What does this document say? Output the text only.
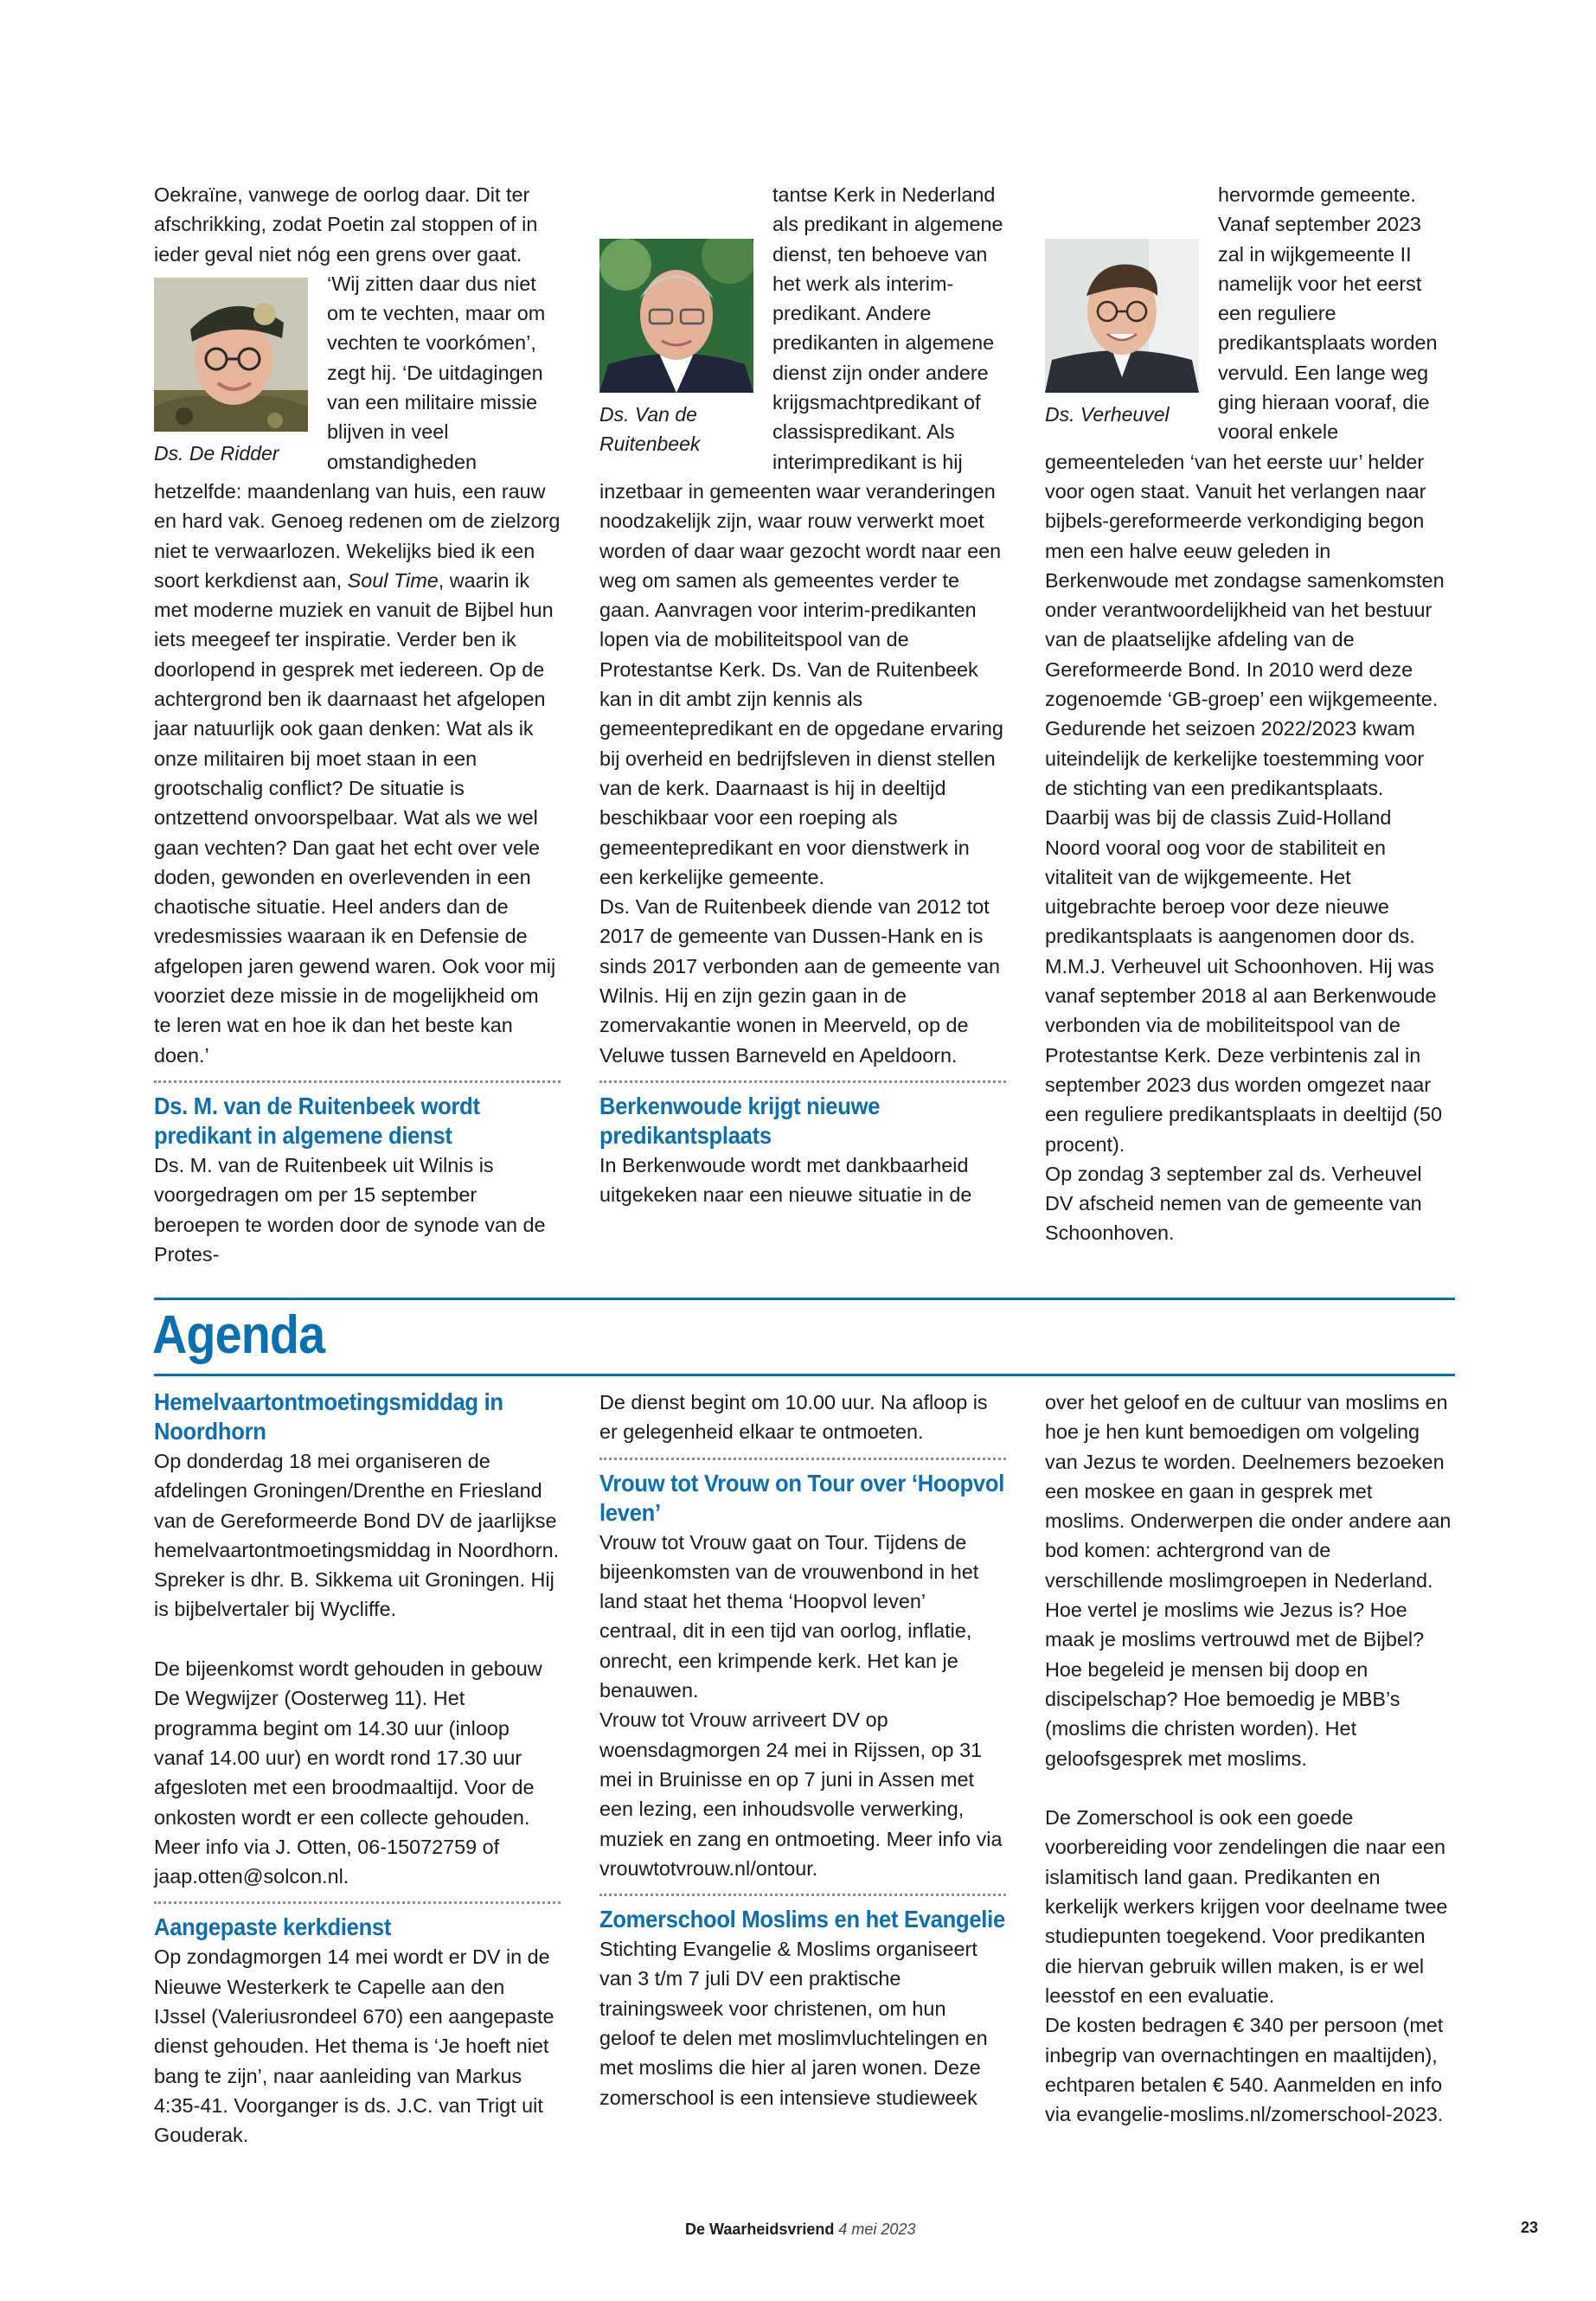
Oekraïne, vanwege de oorlog daar. Dit ter afschrikking, zodat Poetin zal stoppen of in ieder geval niet nóg een grens over gaat.

Ds. De Ridder

‘Wij zitten daar dus niet om te vechten, maar om vechten te voorkómen’, zegt hij. ‘De uitdagingen van een militaire missie blijven in veel omstandigheden hetzelfde: maandenlang van huis, een rauw en hard vak. Genoeg redenen om de zielzorg niet te verwaarlozen. Wekelijks bied ik een soort kerkdienst aan, Soul Time, waarin ik met moderne muziek en vanuit de Bijbel hun iets meegeef ter inspiratie. Verder ben ik doorlopend in gesprek met iedereen. Op de achtergrond ben ik daarnaast het afgelopen jaar natuurlijk ook gaan denken: Wat als ik onze militairen bij moet staan in een grootschalig conflict? De situatie is ontzettend onvoorspelbaar. Wat als we wel gaan vechten? Dan gaat het echt over vele doden, gewonden en overlevenden in een chaotische situatie. Heel anders dan de vredesmissies waaraan ik en Defensie de afgelopen jaren gewend waren. Ook voor mij voorziet deze missie in de mogelijkheid om te leren wat en hoe ik dan het beste kan doen.’

Ds. M. van de Ruitenbeek wordt predikant in algemene dienst

Ds. M. van de Ruitenbeek uit Wilnis is voorgedragen om per 15 september beroepen te worden door de synode van de Protes-

Ds. Van de Ruitenbeek
tantse Kerk in Nederland als predikant in algemene dienst, ten behoeve van het werk als interim-predikant. Andere predikanten in algemene dienst zijn onder andere krijgsmachtpredikant of classispredikant. Als interimpredikant is hij inzetbaar in gemeenten waar veranderingen noodzakelijk zijn, waar rouw verwerkt moet worden of daar waar gezocht wordt naar een weg om samen als gemeentes verder te gaan. Aanvragen voor interim-predikanten lopen via de mobiliteitspool van de Protestantse Kerk. Ds. Van de Ruitenbeek kan in dit ambt zijn kennis als gemeentepredikant en de opgedane ervaring bij overheid en bedrijfsleven in dienst stellen van de kerk. Daarnaast is hij in deeltijd beschikbaar voor een roeping als gemeentepredikant en voor dienstwerk in een kerkelijke gemeente.

Ds. Van de Ruitenbeek diende van 2012 tot 2017 de gemeente van Dussen-Hank en is sinds 2017 verbonden aan de gemeente van Wilnis. Hij en zijn gezin gaan in de zomervakantie wonen in Meerveld, op de Veluwe tussen Barneveld en Apeldoorn.

Berkenwoude krijgt nieuwe predikantsplaats

In Berkenwoude wordt met dankbaarheid uitgekeken naar een nieuwe situatie in de

Ds. Verheuvel
hervormde gemeente. Vanaf september 2023 zal in wijkgemeente II namelijk voor het eerst een reguliere predikantsplaats worden vervuld. Een lange weg ging hieraan vooraf, die vooral enkele gemeenteleden ‘van het eerste uur’ helder voor ogen staat. Vanuit het verlangen naar bijbels-gereformeerde verkondiging begon men een halve eeuw geleden in Berkenwoude met zondagse samenkomsten onder verantwoordelijkheid van het bestuur van de plaatselijke afdeling van de Gereformeerde Bond. In 2010 werd deze zogenoemde ‘GB-groep’ een wijkgemeente. Gedurende het seizoen 2022/2023 kwam uiteindelijk de kerkelijke toestemming voor de stichting van een predikantsplaats. Daarbij was bij de classis Zuid-Holland Noord vooral oog voor de stabiliteit en vitaliteit van de wijkgemeente. Het uitgebrachte beroep voor deze nieuwe predikantsplaats is aangenomen door ds. M.M.J. Verheuvel uit Schoonhoven. Hij was vanaf september 2018 al aan Berkenwoude verbonden via de mobiliteitspool van de Protestantse Kerk. Deze verbintenis zal in september 2023 dus worden omgezet naar een reguliere predikantsplaats in deeltijd (50 procent).

Op zondag 3 september zal ds. Verheuvel DV afscheid nemen van de gemeente van Schoonhoven.

Agenda
Hemelvaartontmoetingsmiddag in Noordhorn

Op donderdag 18 mei organiseren de afdelingen Groningen/Drenthe en Friesland van de Gereformeerde Bond DV de jaarlijkse hemelvaartontmoetingsmiddag in Noordhorn. Spreker is dhr. B. Sikkema uit Groningen. Hij is bijbelvertaler bij Wycliffe.

De bijeenkomst wordt gehouden in gebouw De Wegwijzer (Oosterweg 11). Het programma begint om 14.30 uur (inloop vanaf 14.00 uur) en wordt rond 17.30 uur afgesloten met een broodmaaltijd. Voor de onkosten wordt er een collecte gehouden. Meer info via J. Otten, 06-15072759 of jaap.otten@solcon.nl.

Aangepaste kerkdienst

Op zondagmorgen 14 mei wordt er DV in de Nieuwe Westerkerk te Capelle aan den IJssel (Valeriusrondeel 670) een aangepaste dienst gehouden. Het thema is ‘Je hoeft niet bang te zijn’, naar aanleiding van Markus 4:35-41. Voorganger is ds. J.C. van Trigt uit Gouderak.

De dienst begint om 10.00 uur. Na afloop is er gelegenheid elkaar te ontmoeten.

Vrouw tot Vrouw on Tour over ‘Hoopvol leven’

Vrouw tot Vrouw gaat on Tour. Tijdens de bijeenkomsten van de vrouwenbond in het land staat het thema ‘Hoopvol leven’ centraal, dit in een tijd van oorlog, inflatie, onrecht, een krimpende kerk. Het kan je benauwen.

Vrouw tot Vrouw arriveert DV op woensdagmorgen 24 mei in Rijssen, op 31 mei in Bruinisse en op 7 juni in Assen met een lezing, een inhoudsvolle verwerking, muziek en zang en ontmoeting. Meer info via vrouwtotvrouw.nl/ontour.

Zomerschool Moslims en het Evangelie

Stichting Evangelie & Moslims organiseert van 3 t/m 7 juli DV een praktische trainingsweek voor christenen, om hun geloof te delen met moslimvluchtelingen en met moslims die hier al jaren wonen. Deze zomerschool is een intensieve studieweek

over het geloof en de cultuur van moslims en hoe je hen kunt bemoedigen om volgeling van Jezus te worden. Deelnemers bezoeken een moskee en gaan in gesprek met moslims. Onderwerpen die onder andere aan bod komen: achtergrond van de verschillende moslimgroepen in Nederland. Hoe vertel je moslims wie Jezus is? Hoe maak je moslims vertrouwd met de Bijbel? Hoe begeleid je mensen bij doop en discipelschap? Hoe bemoedig je MBB’s (moslims die christen worden). Het geloofsgesprek met moslims.

De Zomerschool is ook een goede voorbereiding voor zendelingen die naar een islamitisch land gaan. Predikanten en kerkelijk werkers krijgen voor deelname twee studiepunten toegekend. Voor predikanten die hiervan gebruik willen maken, is er wel leesstof en een evaluatie.

De kosten bedragen € 340 per persoon (met inbegrip van overnachtingen en maaltijden), echtparen betalen € 540. Aanmelden en info via evangelie-moslims.nl/zomerschool-2023.

De Waarheidsvriend 4 mei 2023	23
